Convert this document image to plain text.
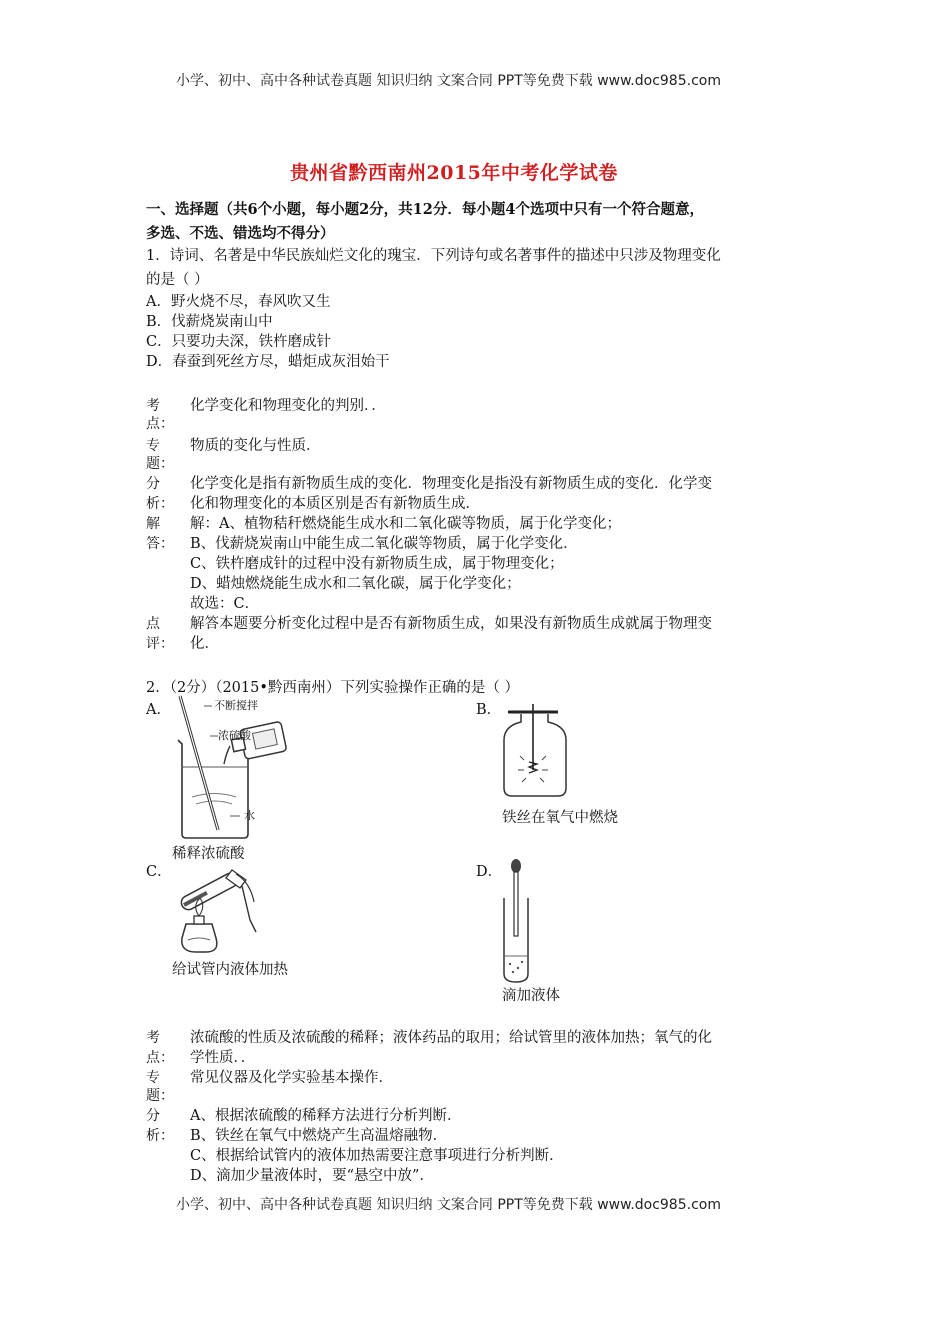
小学、初中、高中各种试卷真题 知识归纳 文案合同 PPT等免费下载 www.doc985.com
贵州省黔西南州2015年中考化学试卷
一、选择题（共6个小题，每小题2分，共12分．每小题4个选项中只有一个符合题意，
多选、不选、错选均不得分）
1．诗词、名著是中华民族灿烂文化的瑰宝．下列诗句或名著事件的描述中只涉及物理变化
的是（ ）
A．野火烧不尽，春风吹又生
B．伐薪烧炭南山中
C．只要功夫深，铁杵磨成针
D．春蚕到死丝方尽，蜡炬成灰泪始干
考
点：
化学变化和物理变化的判别．．
专
题：
物质的变化与性质．
分
析：
化学变化是指有新物质生成的变化．物理变化是指没有新物质生成的变化．化学变
化和物理变化的本质区别是否有新物质生成．
解
答：
解：A、植物秸秆燃烧能生成水和二氧化碳等物质，属于化学变化；
B、伐薪烧炭南山中能生成二氧化碳等物质，属于化学变化．
C、铁杵磨成针的过程中没有新物质生成，属于物理变化；
D、蜡烛燃烧能生成水和二氧化碳，属于化学变化；
故选：C．
点
评：
解答本题要分析变化过程中是否有新物质生成，如果没有新物质生成就属于物理变
化．
2．（2分）（2015•黔西南州）下列实验操作正确的是（ ）
A．	不断搅拌
浓硫酸
水
稀释浓硫酸
B．
铁丝在氧气中燃烧
C．
给试管内液体加热
D．
滴加液体
考
点：
浓硫酸的性质及浓硫酸的稀释；液体药品的取用；给试管里的液体加热；氧气的化
学性质．．
专
题：
常见仪器及化学实验基本操作．
分
析：
A、根据浓硫酸的稀释方法进行分析判断．
B、铁丝在氧气中燃烧产生高温熔融物．
C、根据给试管内的液体加热需要注意事项进行分析判断．
D、滴加少量液体时，要“悬空中放”．
小学、初中、高中各种试卷真题 知识归纳 文案合同 PPT等免费下载 www.doc985.com
